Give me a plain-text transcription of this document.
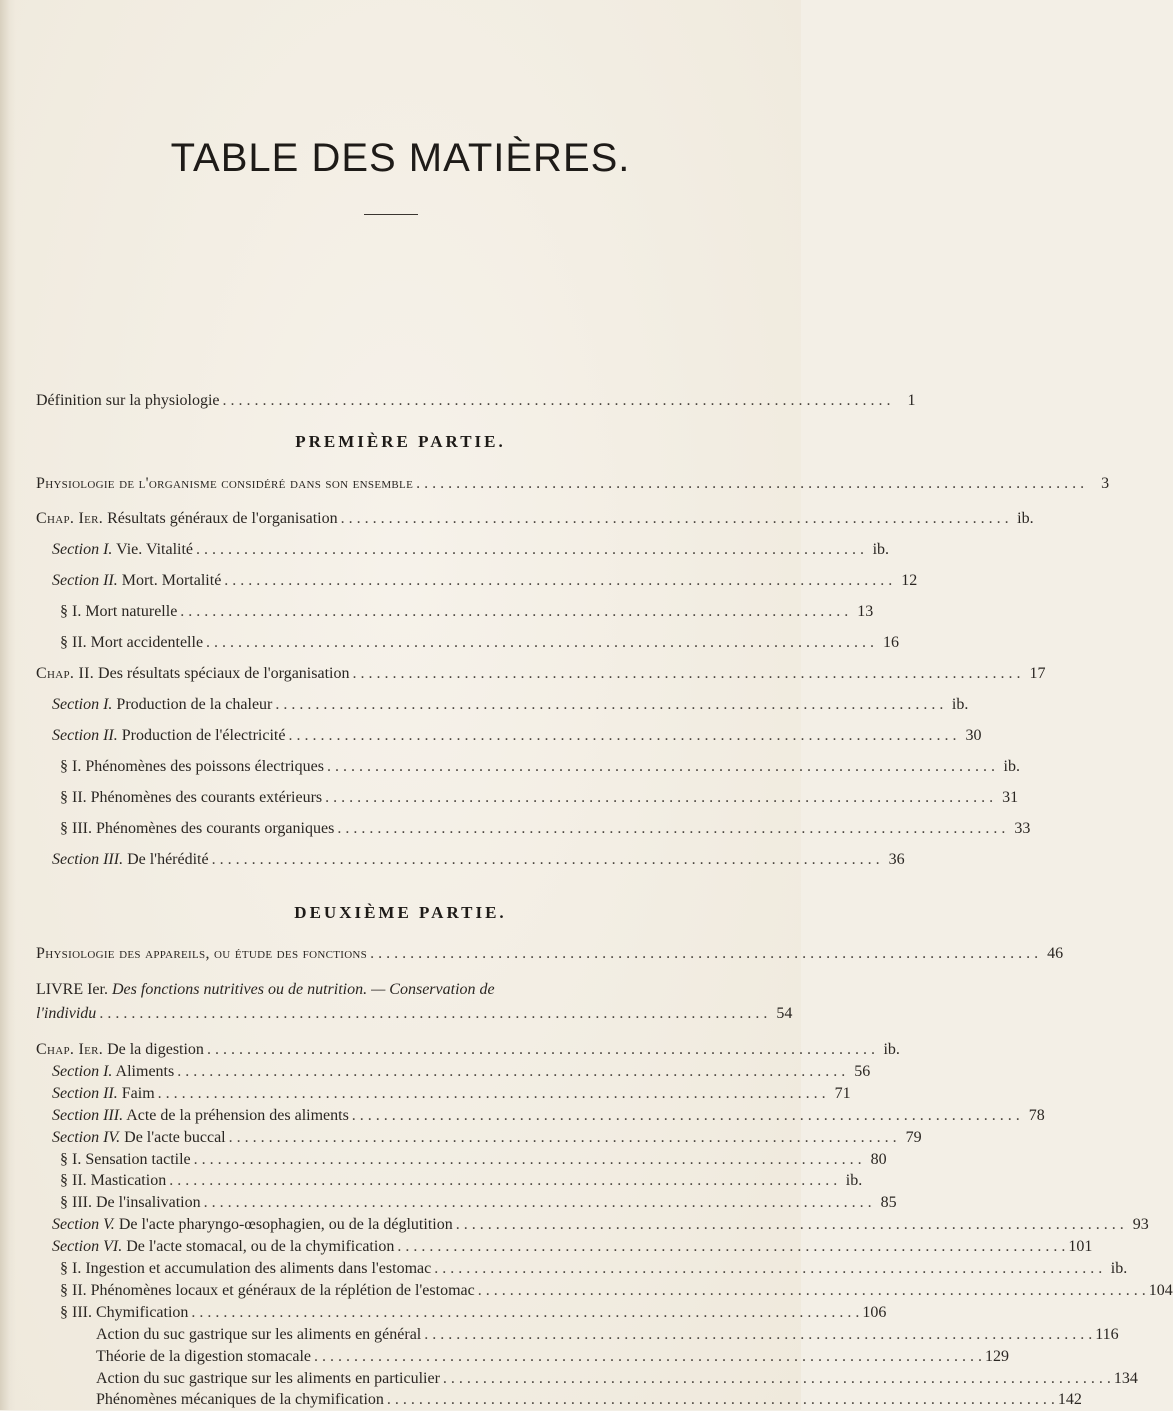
TABLE DES MATIÈRES.
Définition sur la physiologie . . .	1
PREMIÈRE PARTIE.
Physiologie de l'organisme considéré dans son ensemble . . .	3
Chap. Ier. Résultats généraux de l'organisation . . .	ib.
Section I. Vie. Vitalité . . .	ib.
Section II. Mort. Mortalité . . .	12
§ I. Mort naturelle . . .	13
§ II. Mort accidentelle . . .	16
Chap. II. Des résultats spéciaux de l'organisation . . .	17
Section I. Production de la chaleur . . .	ib.
Section II. Production de l'électricité . . .	30
§ I. Phénomènes des poissons électriques . . .	ib.
§ II. Phénomènes des courants extérieurs . . .	31
§ III. Phénomènes des courants organiques . . .	33
Section III. De l'hérédité . . .	36
DEUXIÈME PARTIE.
Physiologie des appareils, ou étude des fonctions . . .	46
LIVRE Ier. Des fonctions nutritives ou de nutrition. — Conservation de
l'individu . . .	54
Chap. Ier. De la digestion . . .	ib.
Section I. Aliments . . .	56
Section II. Faim . . .	71
Section III. Acte de la préhension des aliments . . .	78
Section IV. De l'acte buccal . . .	79
§ I. Sensation tactile . . .	80
§ II. Mastication . . .	ib.
§ III. De l'insalivation . . .	85
Section V. De l'acte pharyngo-œsophagien, ou de la déglutition . . .	93
Section VI. De l'acte stomacal, ou de la chymification . . .	101
§ I. Ingestion et accumulation des aliments dans l'estomac . . .	ib.
§ II. Phénomènes locaux et généraux de la réplétion de l'estomac . . .	104
§ III. Chymification . . .	106
Action du suc gastrique sur les aliments en général . . .	116
Théorie de la digestion stomacale . . .	129
Action du suc gastrique sur les aliments en particulier . . .	134
Phénomènes mécaniques de la chymification . . .	142
